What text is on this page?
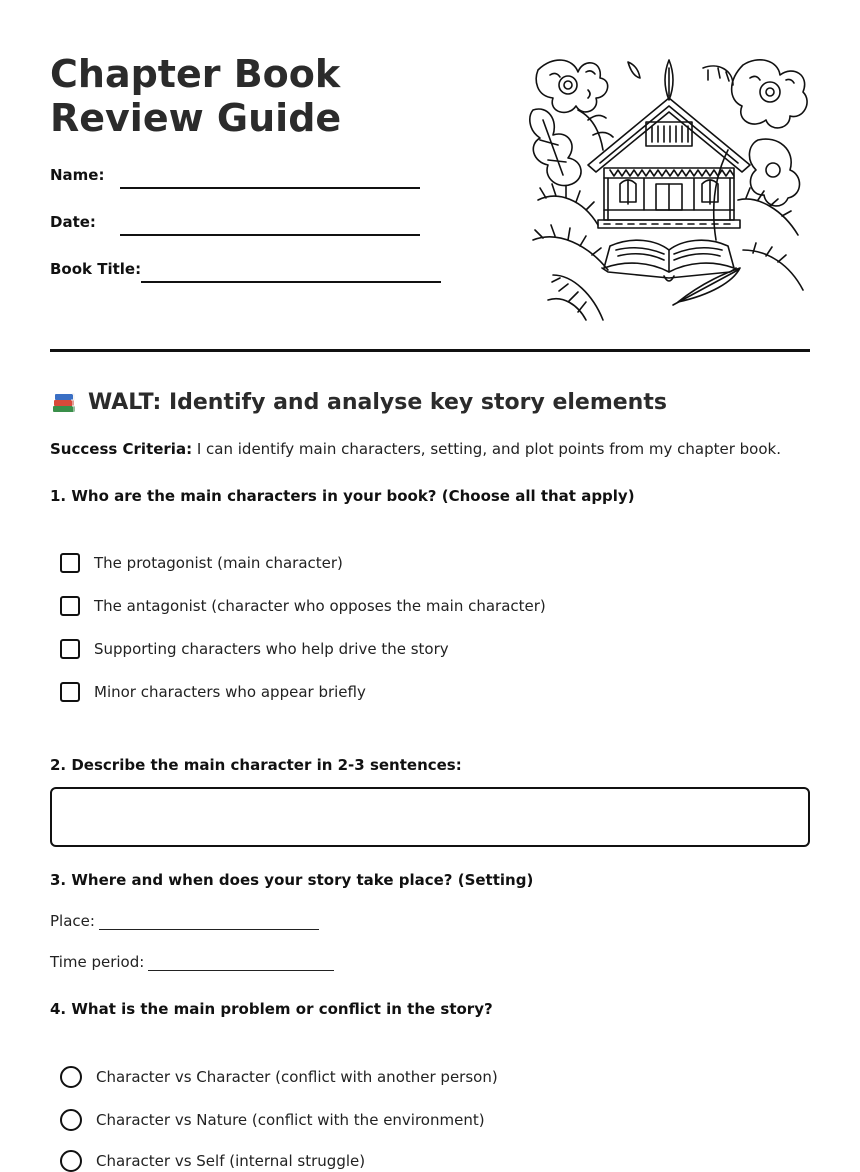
Chapter Book Review Guide
Name:
Date:
Book Title:
WALT: Identify and analyse key story elements
Success Criteria: I can identify main characters, setting, and plot points from my chapter book.
1. Who are the main characters in your book? (Choose all that apply)
The protagonist (main character)
The antagonist (character who opposes the main character)
Supporting characters who help drive the story
Minor characters who appear briefly
2. Describe the main character in 2-3 sentences:
3. Where and when does your story take place? (Setting)
Place:
Time period:
4. What is the main problem or conflict in the story?
Character vs Character (conflict with another person)
Character vs Nature (conflict with the environment)
Character vs Self (internal struggle)
